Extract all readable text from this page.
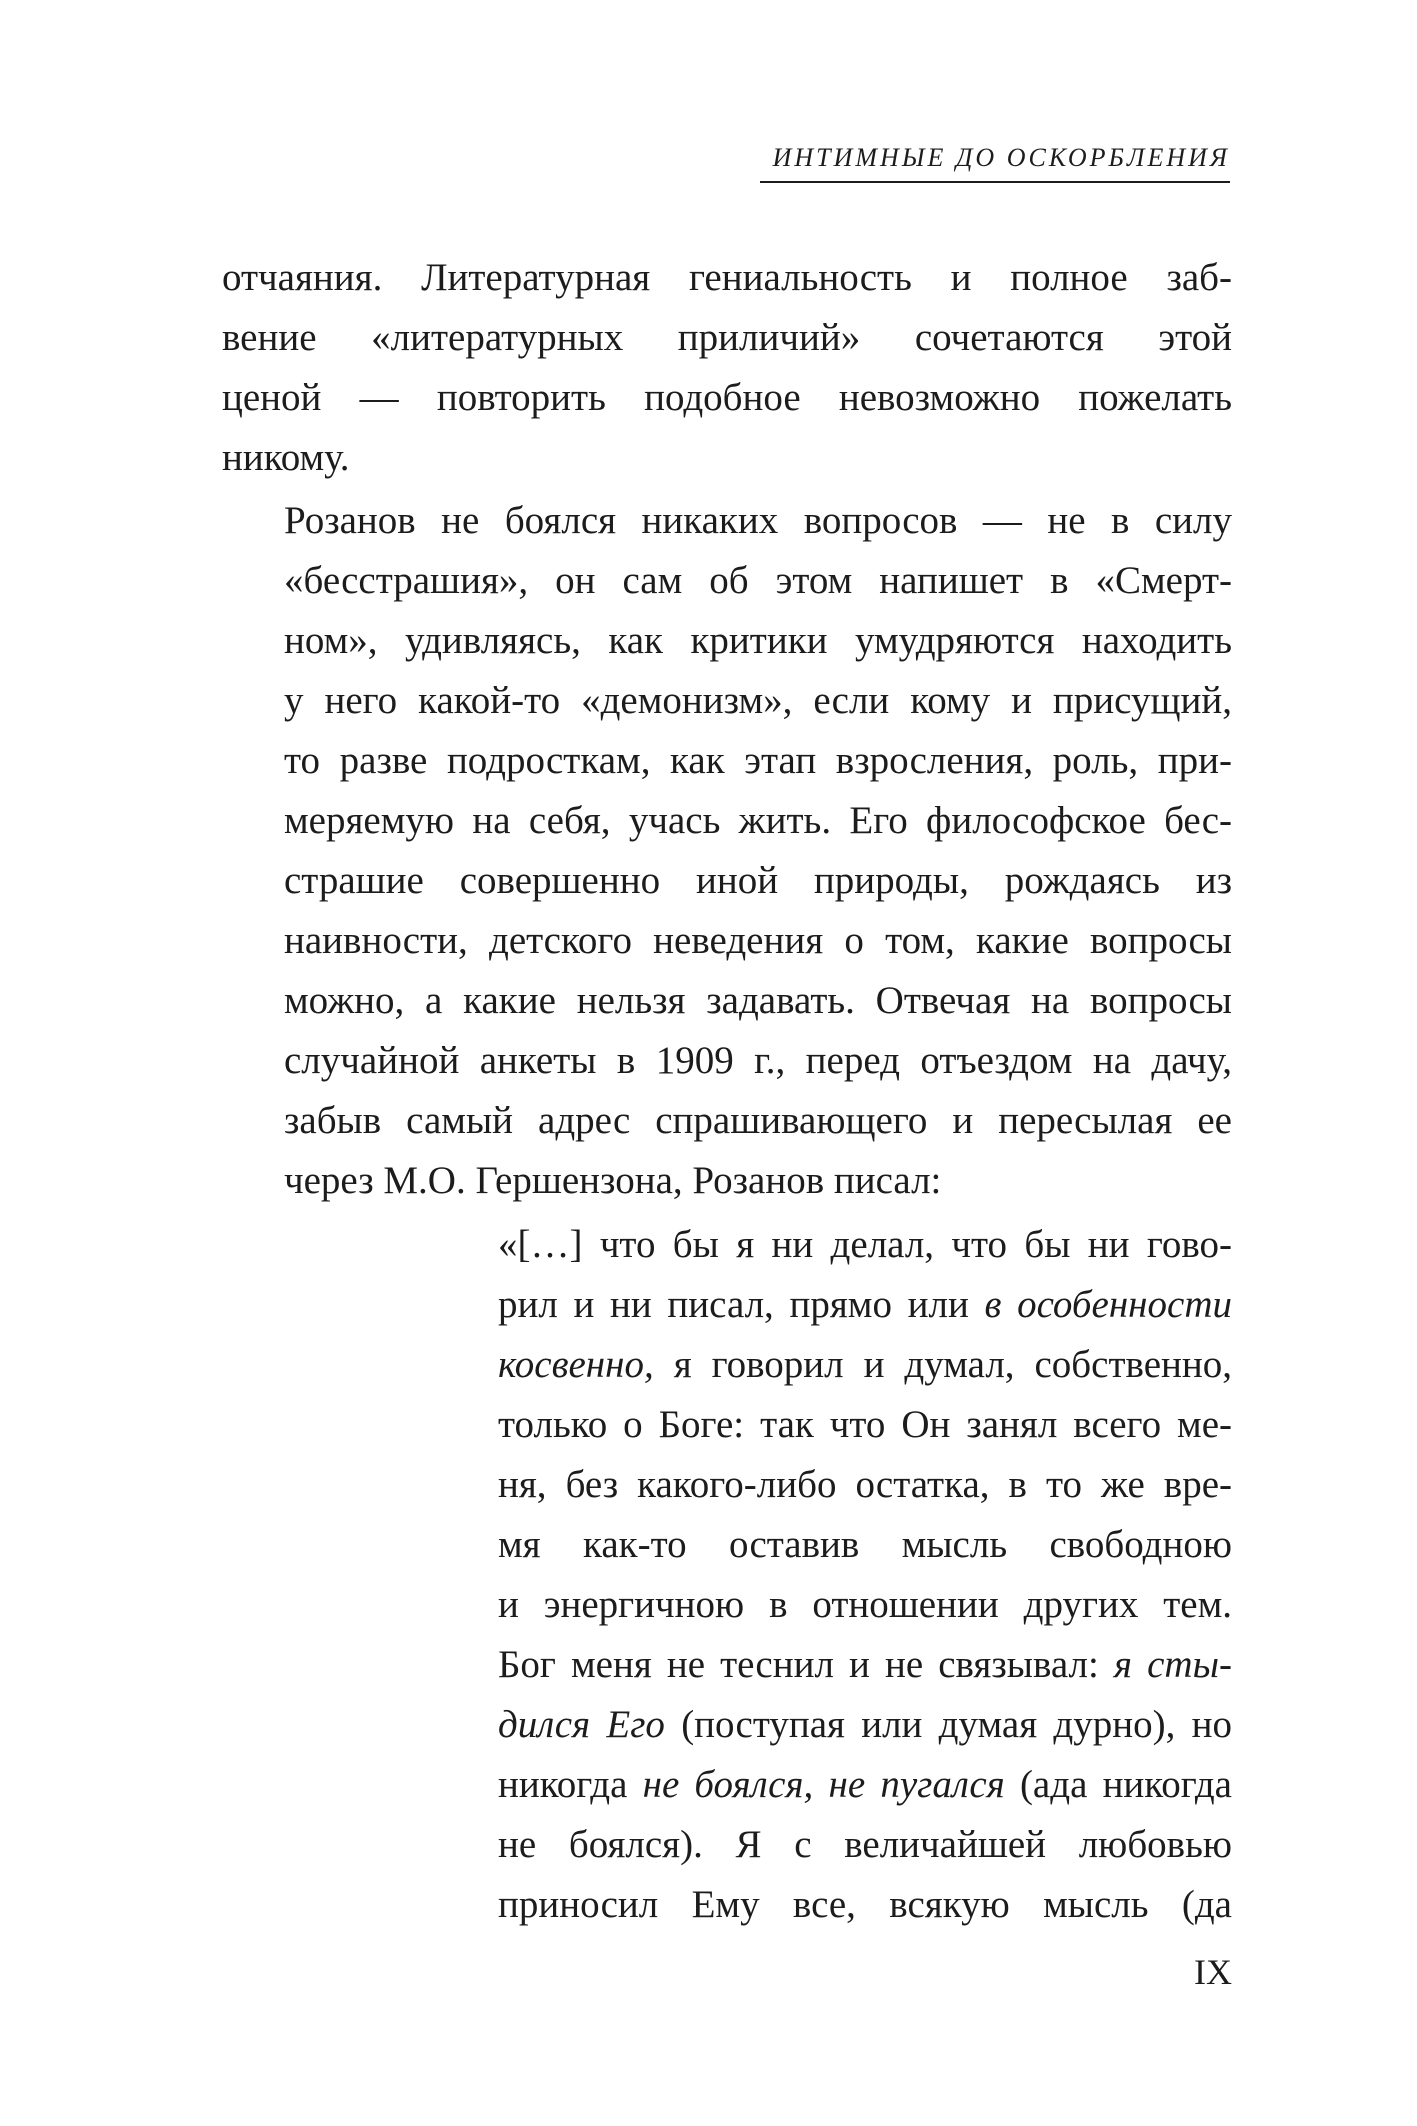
ИНТИМНЫЕ ДО ОСКОРБЛЕНИЯ

отчаяния. Литературная гениальность и полное заб-
вение «литературных приличий» сочетаются этой
ценой — повторить подобное невозможно пожелать
никому.

Розанов не боялся никаких вопросов — не в силу
«бесстрашия», он сам об этом напишет в «Смерт-
ном», удивляясь, как критики умудряются находить
у него какой-то «демонизм», если кому и присущий,
то разве подросткам, как этап взросления, роль, при-
меряемую на себя, учась жить. Его философское бес-
страшие совершенно иной природы, рождаясь из
наивности, детского неведения о том, какие вопросы
можно, а какие нельзя задавать. Отвечая на вопросы
случайной анкеты в 1909 г., перед отъездом на дачу,
забыв самый адрес спрашивающего и пересылая ее
через М.О. Гершензона, Розанов писал:

«[…] что бы я ни делал, что бы ни гово-
рил и ни писал, прямо или в особенности
косвенно, я говорил и думал, собственно,
только о Боге: так что Он занял всего ме-
ня, без какого-либо остатка, в то же вре-
мя как-то оставив мысль свободною
и энергичною в отношении других тем.
Бог меня не теснил и не связывал: я сты-
дился Его (поступая или думая дурно), но
никогда не боялся, не пугался (ада никогда
не боялся). Я с величайшей любовью
приносил Ему все, всякую мысль (да
IX
